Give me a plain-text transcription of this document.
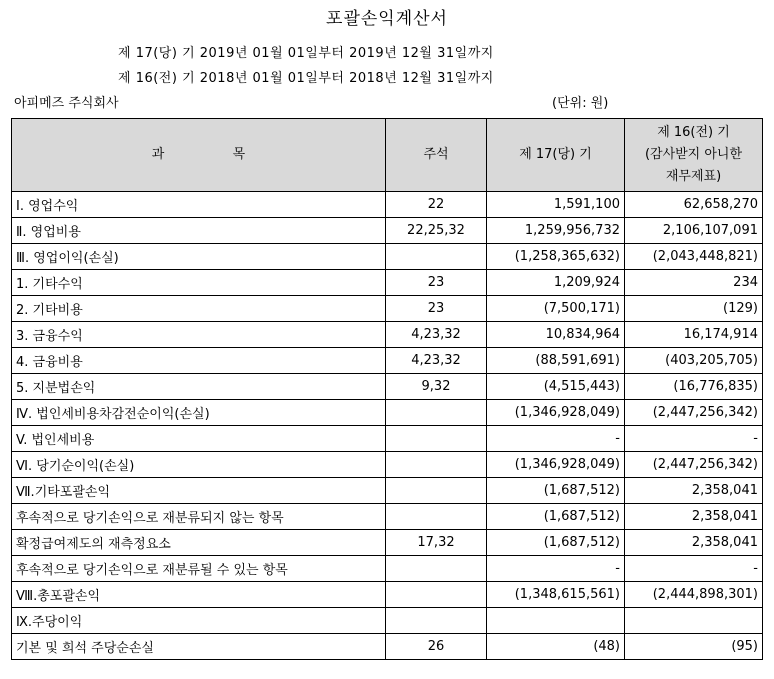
포괄손익계산서
제 17(당) 기 2019년 01월 01일부터 2019년 12월 31일까지
제 16(전) 기 2018년 01월 01일부터 2018년 12월 31일까지
아피메즈 주식회사	(단위: 원)
과 목	주석	제 17(당) 기	제 16(전) 기
(감사받지 아니한
재무제표)

Ⅰ. 영업수익	22	1,591,100	62,658,270
Ⅱ. 영업비용	22,25,32	1,259,956,732	2,106,107,091
Ⅲ. 영업이익(손실)		(1,258,365,632)	(2,043,448,821)
1. 기타수익	23	1,209,924	234
2. 기타비용	23	(7,500,171)	(129)
3. 금융수익	4,23,32	10,834,964	16,174,914
4. 금융비용	4,23,32	(88,591,691)	(403,205,705)
5. 지분법손익	9,32	(4,515,443)	(16,776,835)
Ⅳ. 법인세비용차감전순이익(손실)		(1,346,928,049)	(2,447,256,342)
V. 법인세비용		-	-
Ⅵ. 당기순이익(손실)		(1,346,928,049)	(2,447,256,342)
Ⅶ.기타포괄손익		(1,687,512)	2,358,041
후속적으로 당기손익으로 재분류되지 않는 항목		(1,687,512)	2,358,041
확정급여제도의 재측정요소	17,32	(1,687,512)	2,358,041
후속적으로 당기손익으로 재분류될 수 있는 항목		-	-
Ⅷ.총포괄손익		(1,348,615,561)	(2,444,898,301)
Ⅸ.주당이익			
기본 및 희석 주당순손실	26	(48)	(95)
